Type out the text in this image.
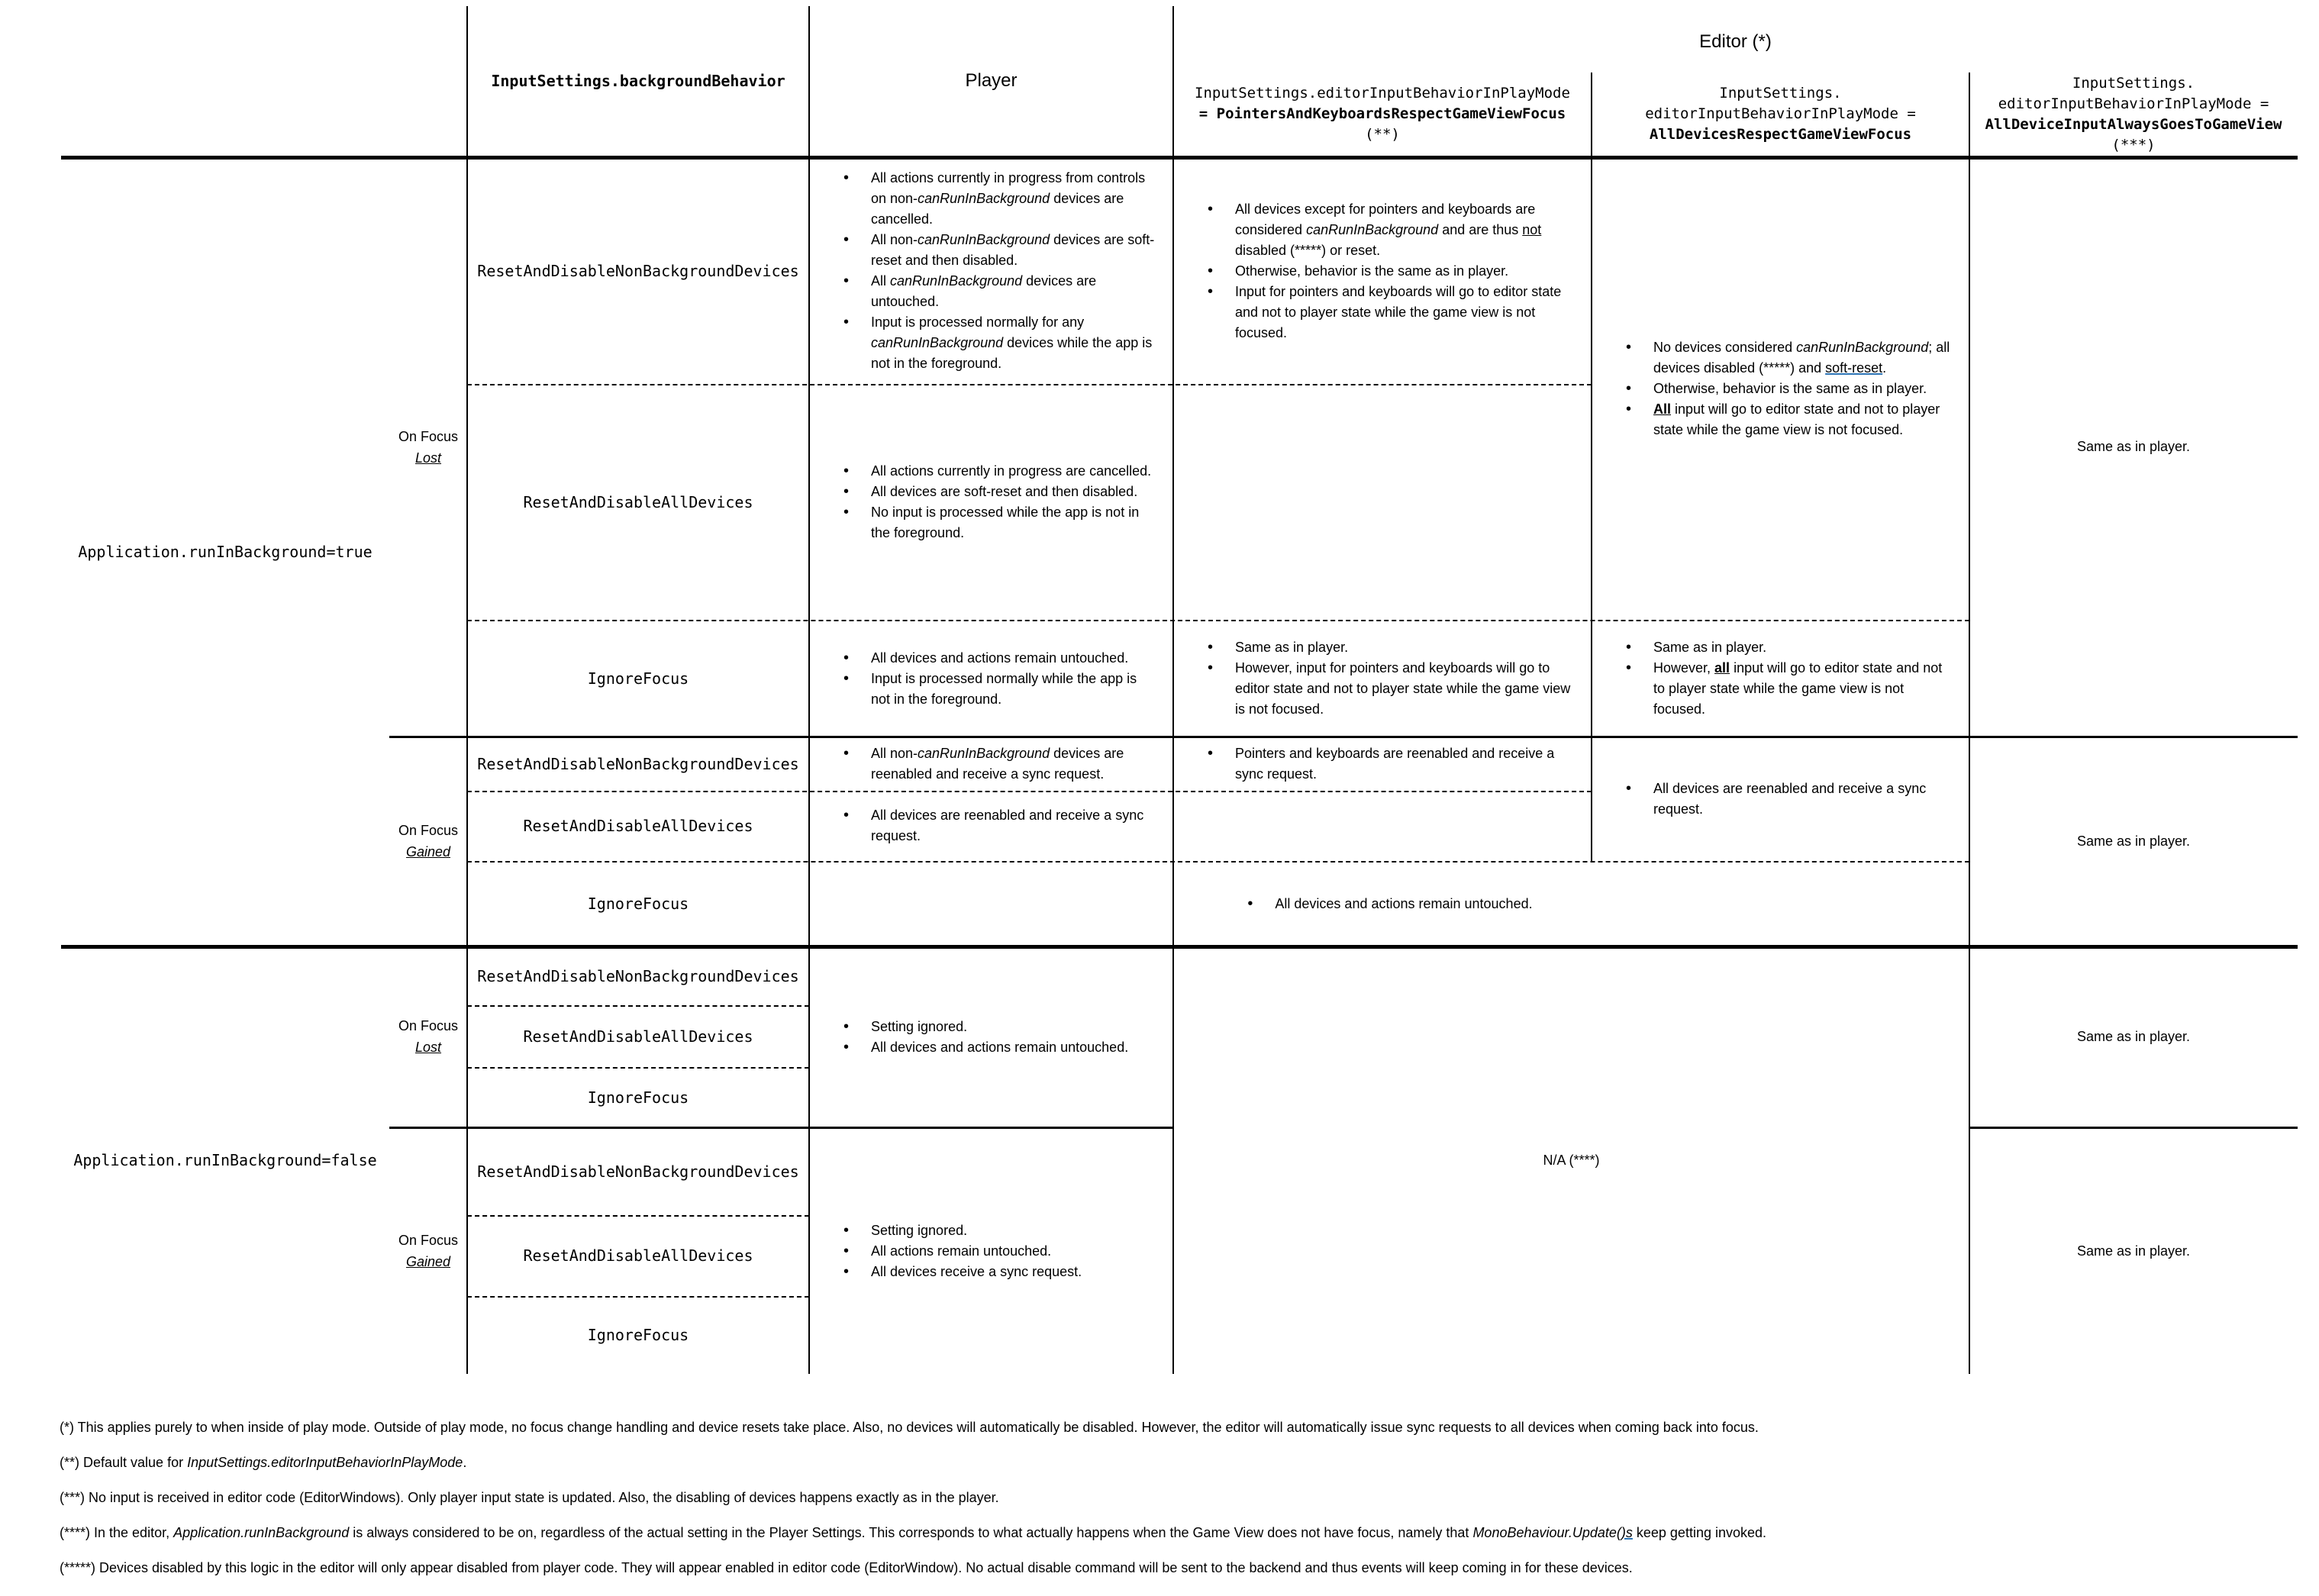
InputSettings.backgroundBehavior	Player
Editor (*)
InputSettings.editorInputBehaviorInPlayMode
= PointersAndKeyboardsRespectGameViewFocus
(**)
InputSettings.
editorInputBehaviorInPlayMode =
AllDevicesRespectGameViewFocus
InputSettings.
editorInputBehaviorInPlayMode =
AllDeviceInputAlwaysGoesToGameView
(***)
Application.runInBackground=true
Application.runInBackground=false
On Focus
Lost
On Focus
Gained
On Focus
Lost
On Focus
Gained
ResetAndDisableNonBackgroundDevices
ResetAndDisableAllDevices
IgnoreFocus
ResetAndDisableNonBackgroundDevices
ResetAndDisableAllDevices
IgnoreFocus
ResetAndDisableNonBackgroundDevices
ResetAndDisableAllDevices
IgnoreFocus
ResetAndDisableNonBackgroundDevices
ResetAndDisableAllDevices
IgnoreFocus
• All actions currently in progress from controls on non-canRunInBackground devices are cancelled.
• All non-canRunInBackground devices are soft-reset and then disabled.
• All canRunInBackground devices are untouched.
• Input is processed normally for any canRunInBackground devices while the app is not in the foreground.
• All actions currently in progress are cancelled.
• All devices are soft-reset and then disabled.
• No input is processed while the app is not in the foreground.
• All devices and actions remain untouched.
• Input is processed normally while the app is not in the foreground.
• All non-canRunInBackground devices are reenabled and receive a sync request.
• All devices are reenabled and receive a sync request.
• Setting ignored.
• All devices and actions remain untouched.
• Setting ignored.
• All actions remain untouched.
• All devices receive a sync request.
• All devices except for pointers and keyboards are considered canRunInBackground and are thus not disabled (*****) or reset.
• Otherwise, behavior is the same as in player.
• Input for pointers and keyboards will go to editor state and not to player state while the game view is not focused.
• Same as in player.
• However, input for pointers and keyboards will go to editor state and not to player state while the game view is not focused.
• Pointers and keyboards are reenabled and receive a sync request.
• No devices considered canRunInBackground; all devices disabled (*****) and soft-reset.
• Otherwise, behavior is the same as in player.
• All input will go to editor state and not to player state while the game view is not focused.
• Same as in player.
• However, all input will go to editor state and not to player state while the game view is not focused.
• All devices are reenabled and receive a sync request.
• All devices and actions remain untouched.
N/A (****)
Same as in player.
Same as in player.
Same as in player.
Same as in player.
(*) This applies purely to when inside of play mode. Outside of play mode, no focus change handling and device resets take place. Also, no devices will automatically be disabled. However, the editor will automatically issue sync requests to all devices when coming back into focus.
(**) Default value for InputSettings.editorInputBehaviorInPlayMode.
(***) No input is received in editor code (EditorWindows). Only player input state is updated. Also, the disabling of devices happens exactly as in the player.
(****) In the editor, Application.runInBackground is always considered to be on, regardless of the actual setting in the Player Settings. This corresponds to what actually happens when the Game View does not have focus, namely that MonoBehaviour.Update()s keep getting invoked.
(*****) Devices disabled by this logic in the editor will only appear disabled from player code. They will appear enabled in editor code (EditorWindow). No actual disable command will be sent to the backend and thus events will keep coming in for these devices.
